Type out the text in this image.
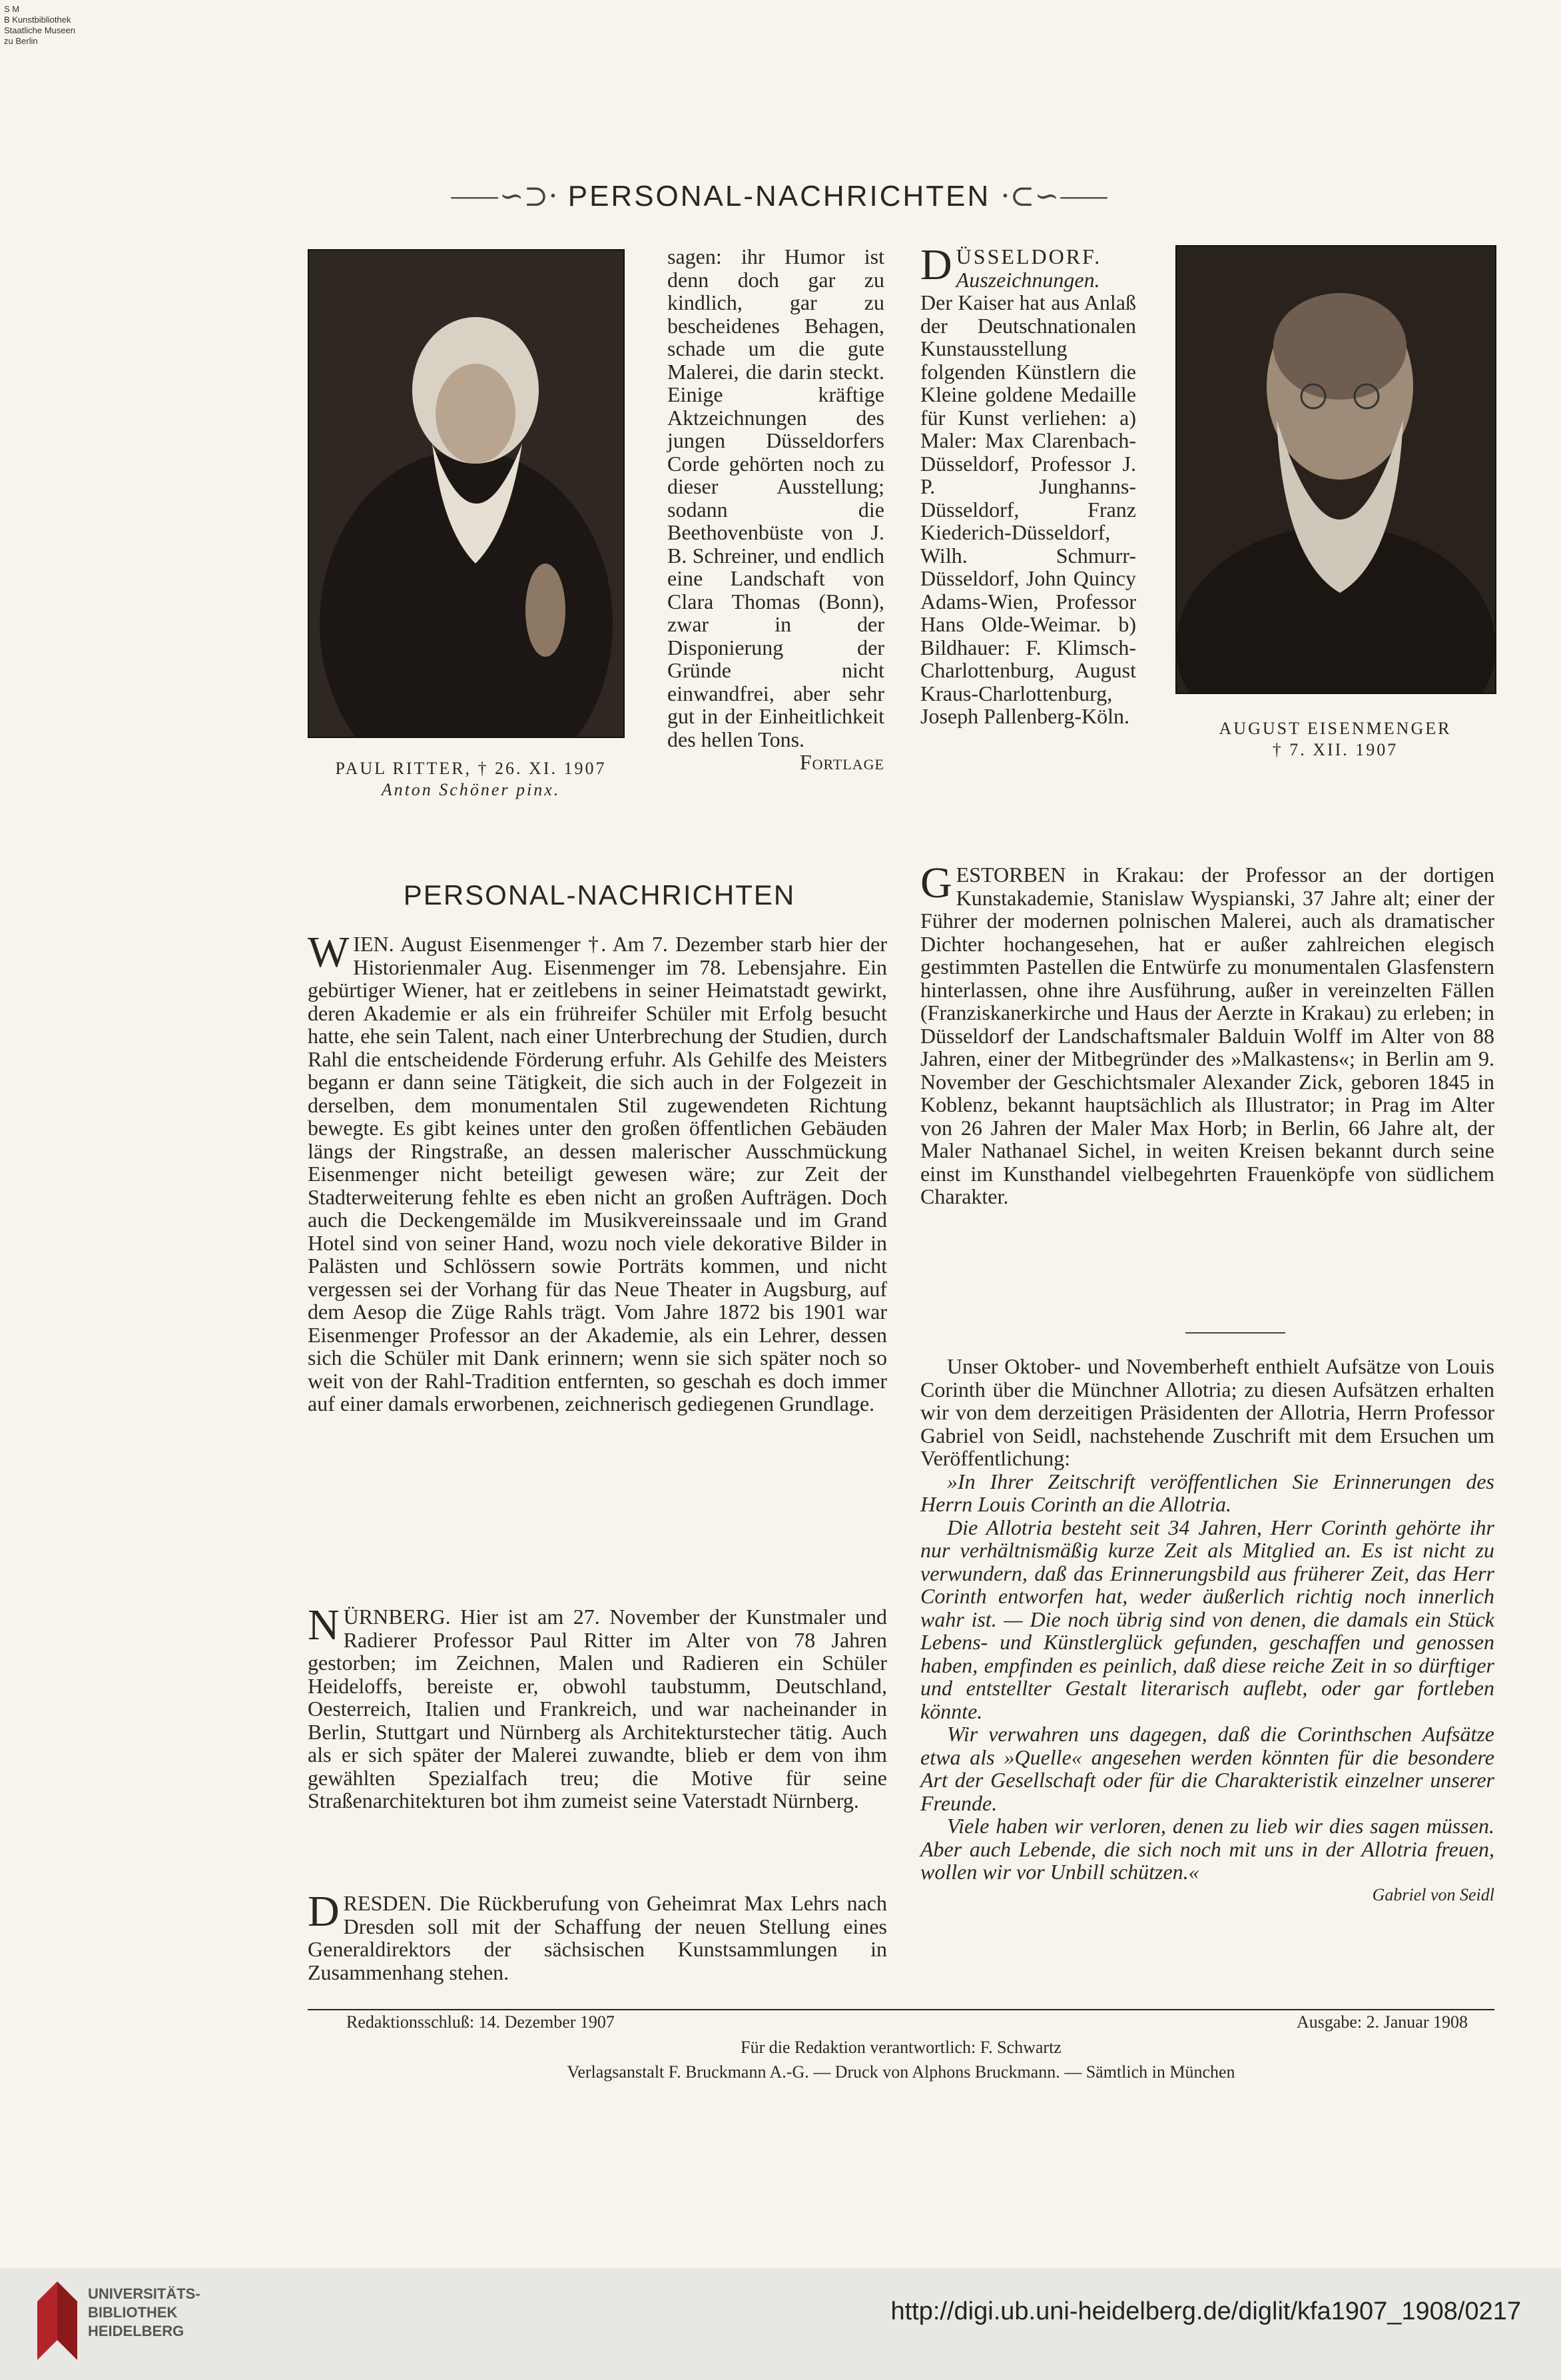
S M
B Kunstbibliothek
Staatliche Museen
zu Berlin
⸺∽⊃· PERSONAL-NACHRICHTEN ·⊂∽⸺
PAUL RITTER, † 26. XI. 1907
Anton Schöner pinx.
AUGUST EISENMENGER
† 7. XII. 1907

sagen: ihr Humor ist denn doch gar zu kindlich, gar zu bescheidenes Behagen, schade um die gute Malerei, die darin steckt. Einige kräftige Aktzeichnungen des jungen Düsseldorfers Corde gehörten noch zu dieser Ausstellung; sodann die Beethovenbüste von J. B. Schreiner, und endlich eine Landschaft von Clara Thomas (Bonn), zwar in der Disponierung der Gründe nicht einwandfrei, aber sehr gut in der Einheitlichkeit des hellen Tons.

Fortlage

D ÜSSELDORF.
Auszeichnungen. Der Kaiser hat aus Anlaß der Deutschnationalen Kunstausstellung folgenden Künstlern die Kleine goldene Medaille für Kunst verliehen: a) Maler: Max Clarenbach-Düsseldorf, Professor J. P. Junghanns-Düsseldorf, Franz Kiederich-Düsseldorf, Wilh. Schmurr-Düsseldorf, John Quincy Adams-Wien, Professor Hans Olde-Weimar. b) Bildhauer: F. Klimsch-Charlottenburg, August Kraus-Charlottenburg, Joseph Pallenberg-Köln.
PERSONAL-NACHRICHTEN

WIEN. August Eisenmenger †. Am 7. Dezember starb hier der Historienmaler Aug. Eisenmenger im 78. Lebensjahre. Ein gebürtiger Wiener, hat er zeitlebens in seiner Heimatstadt gewirkt, deren Akademie er als ein frühreifer Schüler mit Erfolg besucht hatte, ehe sein Talent, nach einer Unterbrechung der Studien, durch Rahl die entscheidende Förderung erfuhr. Als Gehilfe des Meisters begann er dann seine Tätigkeit, die sich auch in der Folgezeit in derselben, dem monumentalen Stil zugewendeten Richtung bewegte. Es gibt keines unter den großen öffentlichen Gebäuden längs der Ringstraße, an dessen malerischer Ausschmückung Eisenmenger nicht beteiligt gewesen wäre; zur Zeit der Stadterweiterung fehlte es eben nicht an großen Aufträgen. Doch auch die Deckengemälde im Musikvereinssaale und im Grand Hotel sind von seiner Hand, wozu noch viele dekorative Bilder in Palästen und Schlössern sowie Porträts kommen, und nicht vergessen sei der Vorhang für das Neue Theater in Augsburg, auf dem Aesop die Züge Rahls trägt. Vom Jahre 1872 bis 1901 war Eisenmenger Professor an der Akademie, als ein Lehrer, dessen sich die Schüler mit Dank erinnern; wenn sie sich später noch so weit von der Rahl-Tradition entfernten, so geschah es doch immer auf einer damals erworbenen, zeichnerisch gediegenen Grundlage.

NÜRNBERG. Hier ist am 27. November der Kunstmaler und Radierer Professor Paul Ritter im Alter von 78 Jahren gestorben; im Zeichnen, Malen und Radieren ein Schüler Heideloffs, bereiste er, obwohl taubstumm, Deutschland, Oesterreich, Italien und Frankreich, und war nacheinander in Berlin, Stuttgart und Nürnberg als Architekturstecher tätig. Auch als er sich später der Malerei zuwandte, blieb er dem von ihm gewählten Spezialfach treu; die Motive für seine Straßenarchitekturen bot ihm zumeist seine Vaterstadt Nürnberg.

DRESDEN. Die Rückberufung von Geheimrat Max Lehrs nach Dresden soll mit der Schaffung der neuen Stellung eines Generaldirektors der sächsischen Kunstsammlungen in Zusammenhang stehen.

GESTORBEN in Krakau: der Professor an der dortigen Kunstakademie, Stanislaw Wyspianski, 37 Jahre alt; einer der Führer der modernen polnischen Malerei, auch als dramatischer Dichter hochangesehen, hat er außer zahlreichen elegisch gestimmten Pastellen die Entwürfe zu monumentalen Glasfenstern hinterlassen, ohne ihre Ausführung, außer in vereinzelten Fällen (Franziskanerkirche und Haus der Aerzte in Krakau) zu erleben; in Düsseldorf der Landschaftsmaler Balduin Wolff im Alter von 88 Jahren, einer der Mitbegründer des »Malkastens«; in Berlin am 9. November der Geschichtsmaler Alexander Zick, geboren 1845 in Koblenz, bekannt hauptsächlich als Illustrator; in Prag im Alter von 26 Jahren der Maler Max Horb; in Berlin, 66 Jahre alt, der Maler Nathanael Sichel, in weiten Kreisen bekannt durch seine einst im Kunsthandel vielbegehrten Frauenköpfe von südlichem Charakter.

Unser Oktober- und Novemberheft enthielt Aufsätze von Louis Corinth über die Münchner Allotria; zu diesen Aufsätzen erhalten wir von dem derzeitigen Präsidenten der Allotria, Herrn Professor Gabriel von Seidl, nachstehende Zuschrift mit dem Ersuchen um Veröffentlichung:

»In Ihrer Zeitschrift veröffentlichen Sie Erinnerungen des Herrn Louis Corinth an die Allotria.

Die Allotria besteht seit 34 Jahren, Herr Corinth gehörte ihr nur verhältnismäßig kurze Zeit als Mitglied an. Es ist nicht zu verwundern, daß das Erinnerungsbild aus früherer Zeit, das Herr Corinth entworfen hat, weder äußerlich richtig noch innerlich wahr ist. — Die noch übrig sind von denen, die damals ein Stück Lebens- und Künstlerglück gefunden, geschaffen und genossen haben, empfinden es peinlich, daß diese reiche Zeit in so dürftiger und entstellter Gestalt literarisch auflebt, oder gar fortleben könnte.

Wir verwahren uns dagegen, daß die Corinthschen Aufsätze etwa als »Quelle« angesehen werden könnten für die besondere Art der Gesellschaft oder für die Charakteristik einzelner unserer Freunde.

Viele haben wir verloren, denen zu lieb wir dies sagen müssen. Aber auch Lebende, die sich noch mit uns in der Allotria freuen, wollen wir vor Unbill schützen.«

Gabriel von Seidl

Redaktionsschluß: 14. Dezember 1907	Ausgabe: 2. Januar 1908
Für die Redaktion verantwortlich: F. Schwartz
Verlagsanstalt F. Bruckmann A.-G. — Druck von Alphons Bruckmann. — Sämtlich in München
UNIVERSITÄTS-
BIBLIOTHEK
HEIDELBERG
http://digi.ub.uni-heidelberg.de/diglit/kfa1907_1908/0217
